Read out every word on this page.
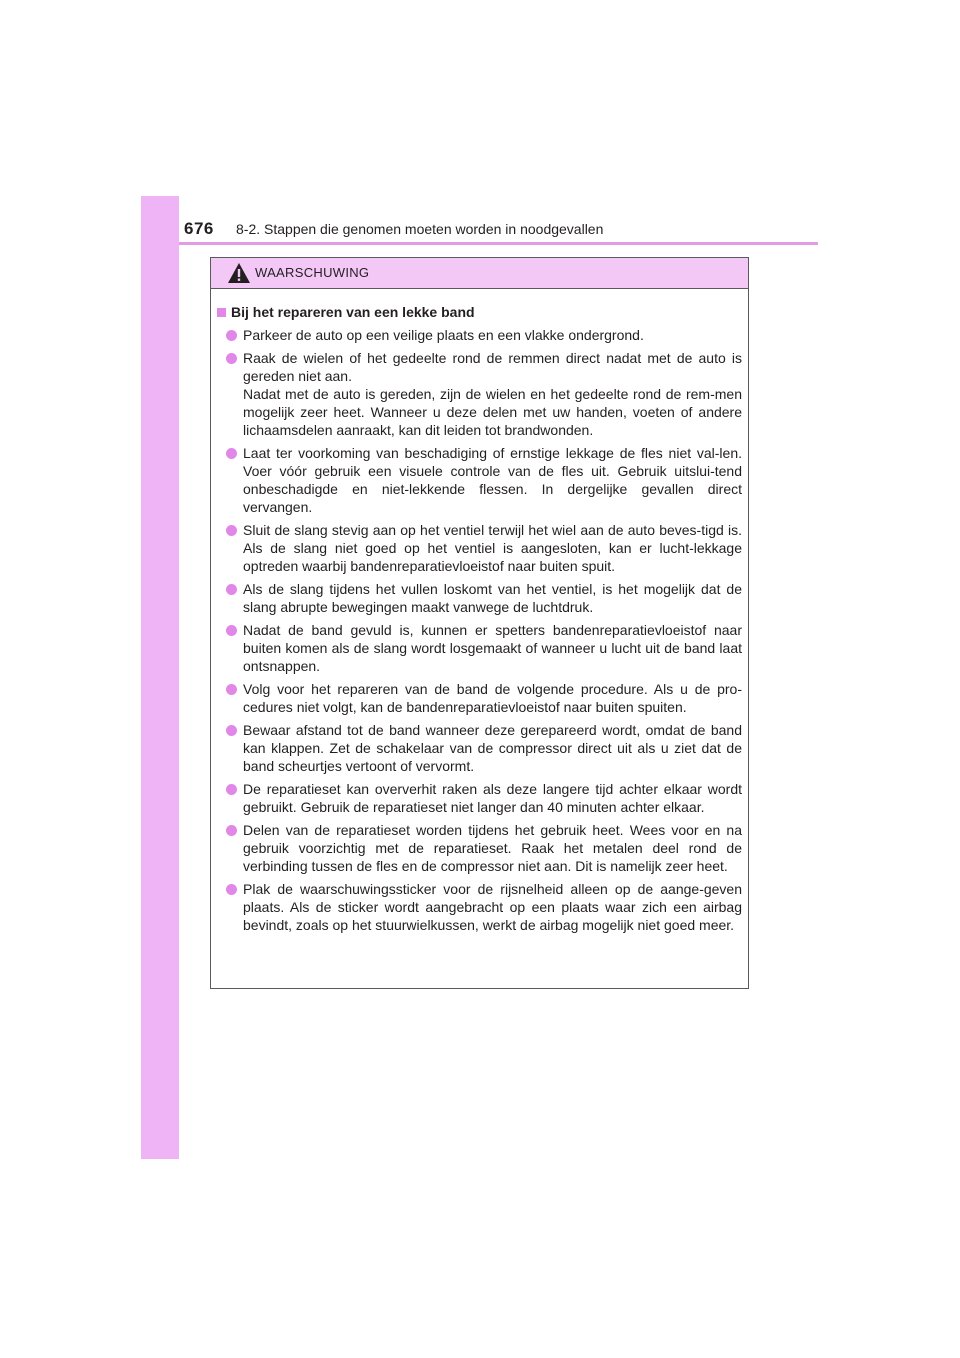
676 8-2. Stappen die genomen moeten worden in noodgevallen
WAARSCHUWING
Bij het repareren van een lekke band
Parkeer de auto op een veilige plaats en een vlakke ondergrond.
Raak de wielen of het gedeelte rond de remmen direct nadat met de auto is gereden niet aan.
Nadat met de auto is gereden, zijn de wielen en het gedeelte rond de rem-men mogelijk zeer heet. Wanneer u deze delen met uw handen, voeten of andere lichaamsdelen aanraakt, kan dit leiden tot brandwonden.
Laat ter voorkoming van beschadiging of ernstige lekkage de fles niet val-len. Voer vóór gebruik een visuele controle van de fles uit. Gebruik uitslui-tend onbeschadigde en niet-lekkende flessen. In dergelijke gevallen direct vervangen.
Sluit de slang stevig aan op het ventiel terwijl het wiel aan de auto beves-tigd is. Als de slang niet goed op het ventiel is aangesloten, kan er lucht-lekkage optreden waarbij bandenreparatievloeistof naar buiten spuit.
Als de slang tijdens het vullen loskomt van het ventiel, is het mogelijk dat de slang abrupte bewegingen maakt vanwege de luchtdruk.
Nadat de band gevuld is, kunnen er spetters bandenreparatievloeistof naar buiten komen als de slang wordt losgemaakt of wanneer u lucht uit de band laat ontsnappen.
Volg voor het repareren van de band de volgende procedure. Als u de pro-cedures niet volgt, kan de bandenreparatievloeistof naar buiten spuiten.
Bewaar afstand tot de band wanneer deze gerepareerd wordt, omdat de band kan klappen. Zet de schakelaar van de compressor direct uit als u ziet dat de band scheurtjes vertoont of vervormt.
De reparatieset kan oververhit raken als deze langere tijd achter elkaar wordt gebruikt. Gebruik de reparatieset niet langer dan 40 minuten achter elkaar.
Delen van de reparatieset worden tijdens het gebruik heet. Wees voor en na gebruik voorzichtig met de reparatieset. Raak het metalen deel rond de verbinding tussen de fles en de compressor niet aan. Dit is namelijk zeer heet.
Plak de waarschuwingssticker voor de rijsnelheid alleen op de aange-geven plaats. Als de sticker wordt aangebracht op een plaats waar zich een airbag bevindt, zoals op het stuurwielkussen, werkt de airbag mogelijk niet goed meer.
